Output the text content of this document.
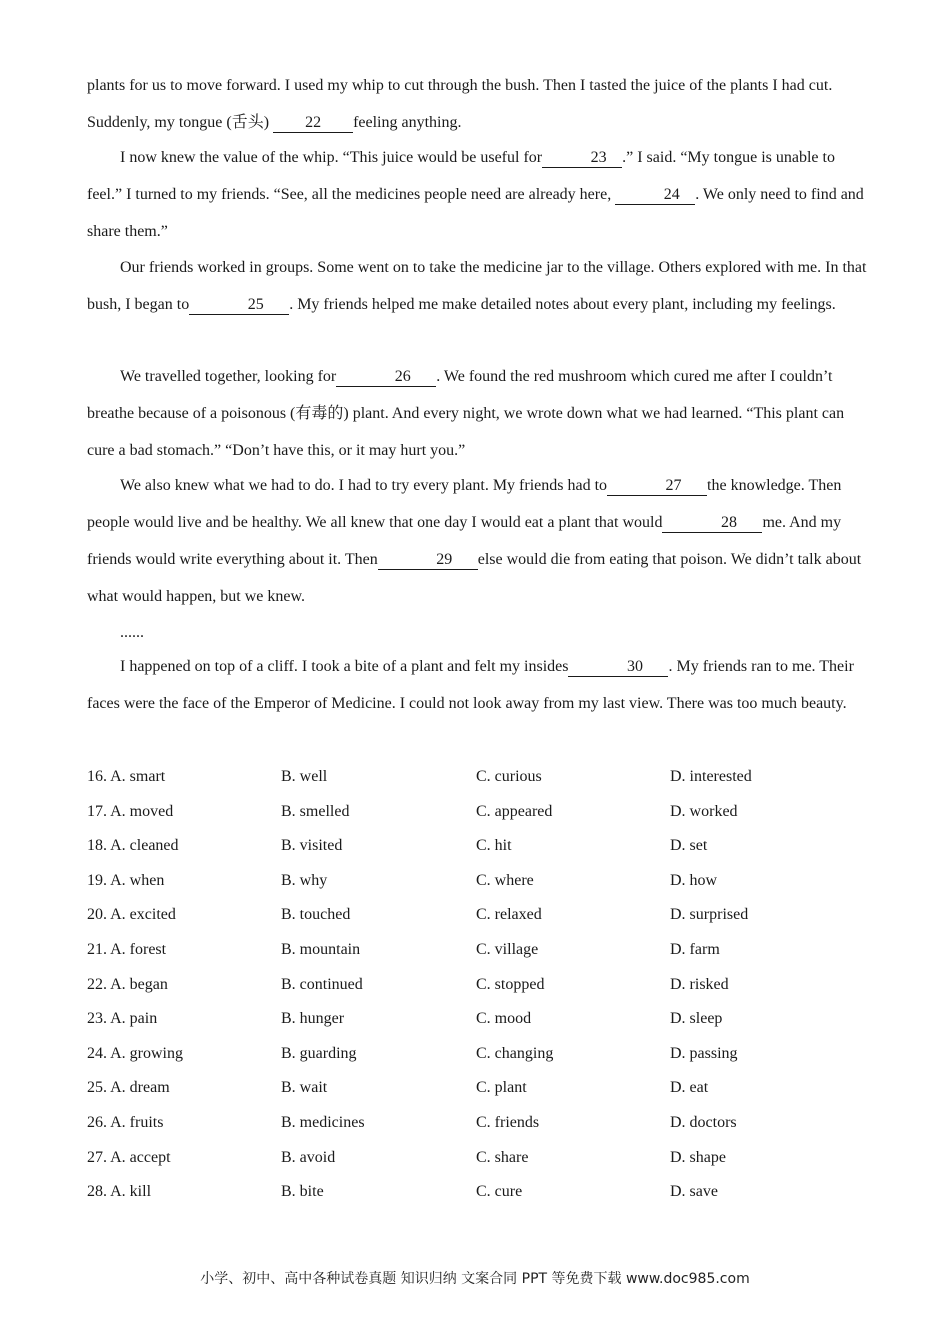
plants for us to move forward. I used my whip to cut through the bush. Then I tasted the juice of the plants I had cut. Suddenly, my tongue (舌头) 22 feeling anything.

I now knew the value of the whip. “This juice would be useful for	23 .” I said. “My tongue is unable to feel.” I turned to my friends. “See, all the medicines people need are already here,	24 . We only need to find and share them.”

Our friends worked in groups. Some went on to take the medicine jar to the village. Others explored with me. In that bush, I began to	25 . My friends helped me make detailed notes about every plant, including my feelings.

We travelled together, looking for	26 . We found the red mushroom which cured me after I couldn’t breathe because of a poisonous (有毒的) plant. And every night, we wrote down what we had learned. “This plant can cure a bad stomach.” “Don’t have this, or it may hurt you.”

We also knew what we had to do. I had to try every plant. My friends had to	27 the knowledge. Then people would live and be healthy. We all knew that one day I would eat a plant that would	28 me. And my friends would write everything about it. Then	29 else would die from eating that poison. We didn’t talk about what would happen, but we knew.

......

I happened on top of a cliff. I took a bite of a plant and felt my insides	30 . My friends ran to me. Their faces were the face of the Emperor of Medicine. I could not look away from my last view. There was too much beauty.

16. A. smart	B. well	C. curious	D. interested
17. A. moved	B. smelled	C. appeared	D. worked
18. A. cleaned	B. visited	C. hit	D. set
19. A. when	B. why	C. where	D. how
20. A. excited	B. touched	C. relaxed	D. surprised
21. A. forest	B. mountain	C. village	D. farm
22. A. began	B. continued	C. stopped	D. risked
23. A. pain	B. hunger	C. mood	D. sleep
24. A. growing	B. guarding	C. changing	D. passing
25. A. dream	B. wait	C. plant	D. eat
26. A. fruits	B. medicines	C. friends	D. doctors
27. A. accept	B. avoid	C. share	D. shape
28. A. kill	B. bite	C. cure	D. save
小学、初中、高中各种试卷真题 知识归纳 文案合同 PPT 等免费下载 www.doc985.com
